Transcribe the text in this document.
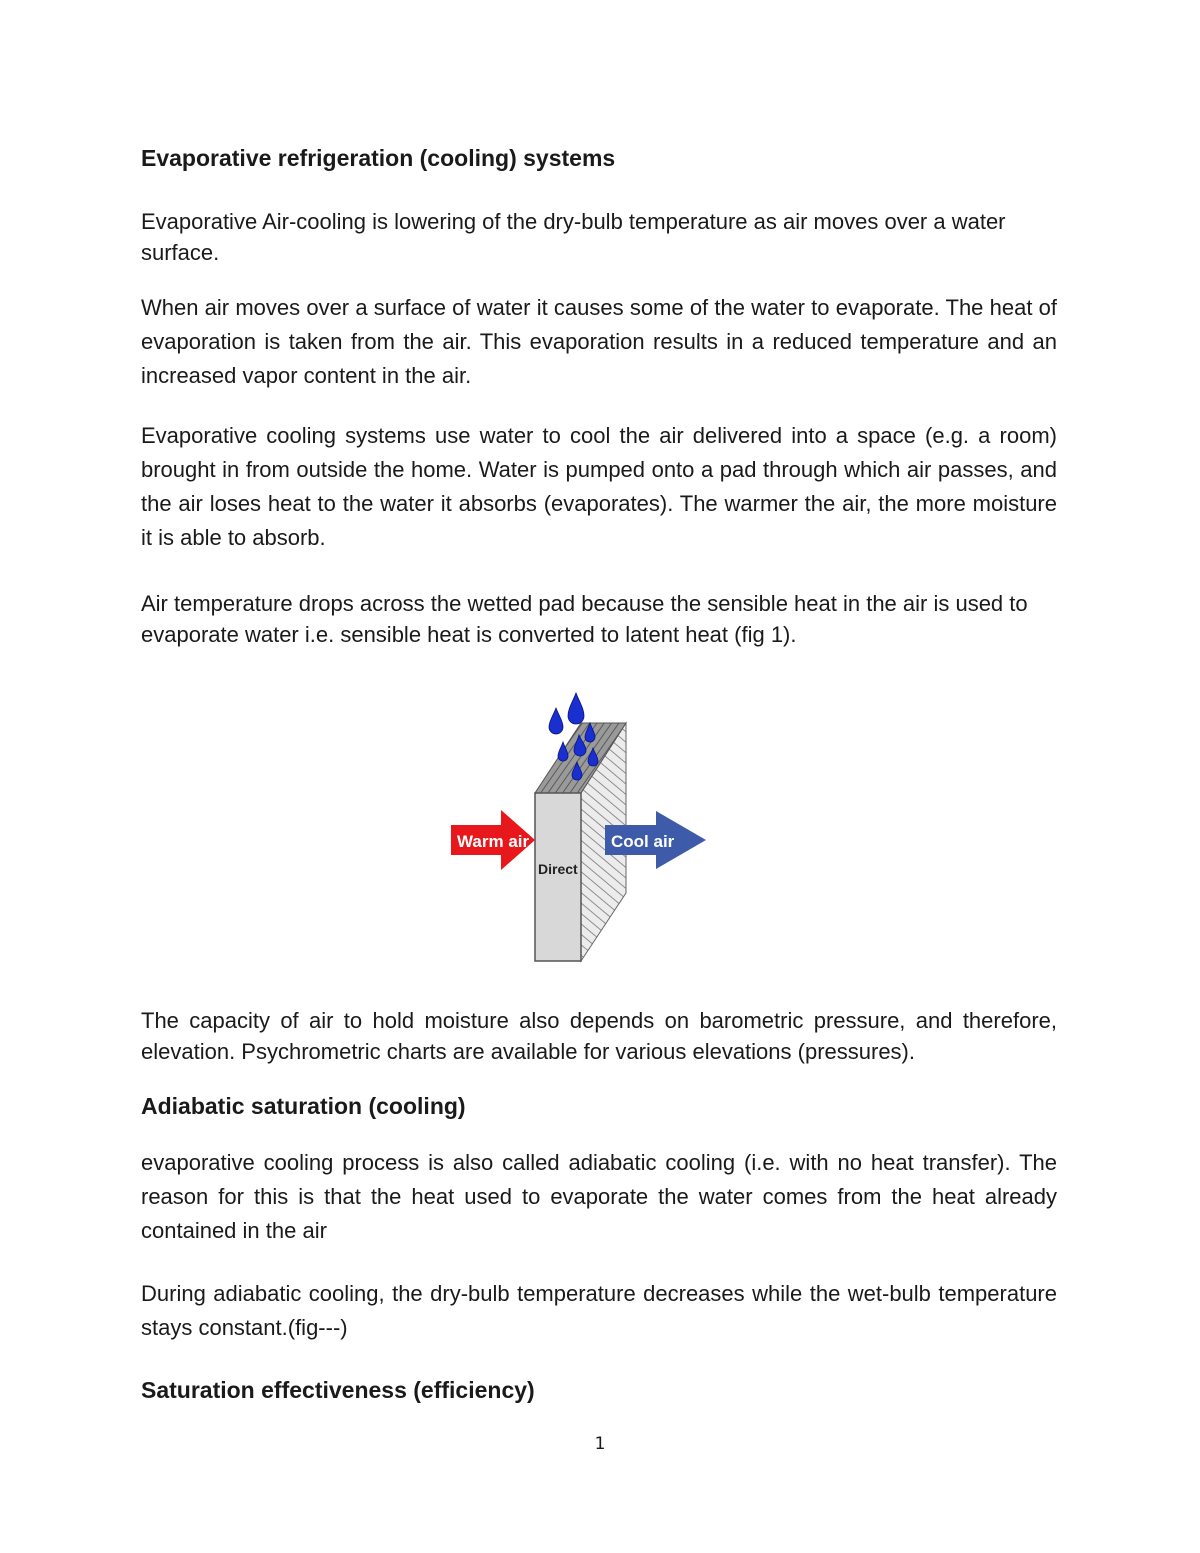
Evaporative refrigeration (cooling) systems

Evaporative Air-cooling is lowering of the dry-bulb temperature as air moves over a water surface.

When air moves over a surface of water it causes some of the water to evaporate. The heat of evaporation is taken from the air. This evaporation results in a reduced temperature and an increased vapor content in the air.

Evaporative cooling systems use water to cool the air delivered into a space (e.g. a room) brought in from outside the home. Water is pumped onto a pad through which air passes, and the air loses heat to the water it absorbs (evaporates). The warmer the air, the more moisture it is able to absorb.

Air temperature drops across the wetted pad because the sensible heat in the air is used to evaporate water i.e. sensible heat is converted to latent heat (fig 1).

Warm air	Cool air
Direct

The capacity of air to hold moisture also depends on barometric pressure, and therefore, elevation. Psychrometric charts are available for various elevations (pressures).

Adiabatic saturation (cooling)

evaporative cooling process is also called adiabatic cooling (i.e. with no heat transfer). The reason for this is that the heat used to evaporate the water comes from the heat already contained in the air

During adiabatic cooling, the dry-bulb temperature decreases while the wet-bulb temperature stays constant.(fig---)

Saturation effectiveness (efficiency)
1
